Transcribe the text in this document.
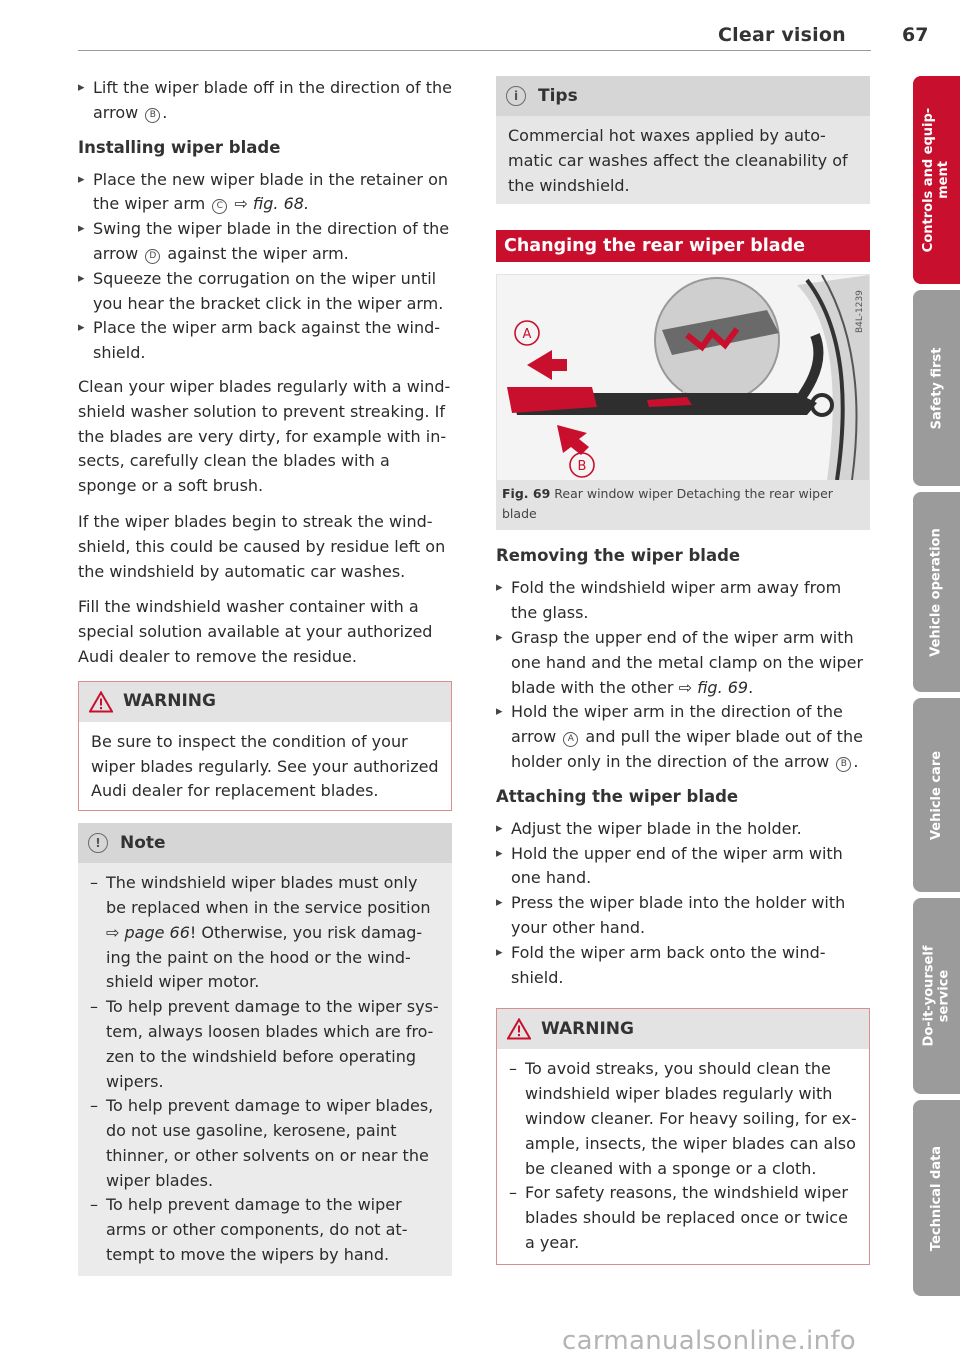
Clear vision	67
▸ Lift the wiper blade off in the direction of the arrow B .
Installing wiper blade
▸ Place the new wiper blade in the retainer on the wiper arm C ⇨ fig. 68.
▸ Swing the wiper blade in the direction of the arrow D against the wiper arm.
▸ Squeeze the corrugation on the wiper until you hear the bracket click in the wiper arm.
▸ Place the wiper arm back against the windshield.

Clean your wiper blades regularly with a windshield washer solution to prevent streaking. If the blades are very dirty, for example with insects, carefully clean the blades with a sponge or a soft brush.

If the wiper blades begin to streak the windshield, this could be caused by residue left on the windshield by automatic car washes.

Fill the windshield washer container with a special solution available at your authorized Audi dealer to remove the residue.

WARNING
Be sure to inspect the condition of your wiper blades regularly. See your authorized Audi dealer for replacement blades.
!	Note
– The windshield wiper blades must only be replaced when in the service position ⇨ page 66! Otherwise, you risk damaging the paint on the hood or the windshield wiper motor.
– To help prevent damage to the wiper system, always loosen blades which are frozen to the windshield before operating wipers.
– To help prevent damage to wiper blades, do not use gasoline, kerosene, paint thinner, or other solvents on or near the wiper blades.
– To help prevent damage to the wiper arms or other components, do not attempt to move the wipers by hand.
i	Tips
Commercial hot waxes applied by automatic car washes affect the cleanability of the windshield.
Changing the rear wiper blade
A
B
B4L-1239
Fig. 69 Rear window wiper Detaching the rear wiper blade
Removing the wiper blade
▸ Fold the windshield wiper arm away from the glass.
▸ Grasp the upper end of the wiper arm with one hand and the metal clamp on the wiper blade with the other ⇨ fig. 69.
▸ Hold the wiper arm in the direction of the arrow A and pull the wiper blade out of the holder only in the direction of the arrow B .
Attaching the wiper blade
▸ Adjust the wiper blade in the holder.
▸ Hold the upper end of the wiper arm with one hand.
▸ Press the wiper blade into the holder with your other hand.
▸ Fold the wiper arm back onto the windshield.
WARNING
– To avoid streaks, you should clean the windshield wiper blades regularly with window cleaner. For heavy soiling, for example, insects, the wiper blades can also be cleaned with a sponge or a cloth.
– For safety reasons, the windshield wiper blades should be replaced once or twice a year.
Controls and equip-
ment
Safety first
Vehicle operation
Vehicle care
Do-it-yourself
service
Technical data
carmanualsonline.info
